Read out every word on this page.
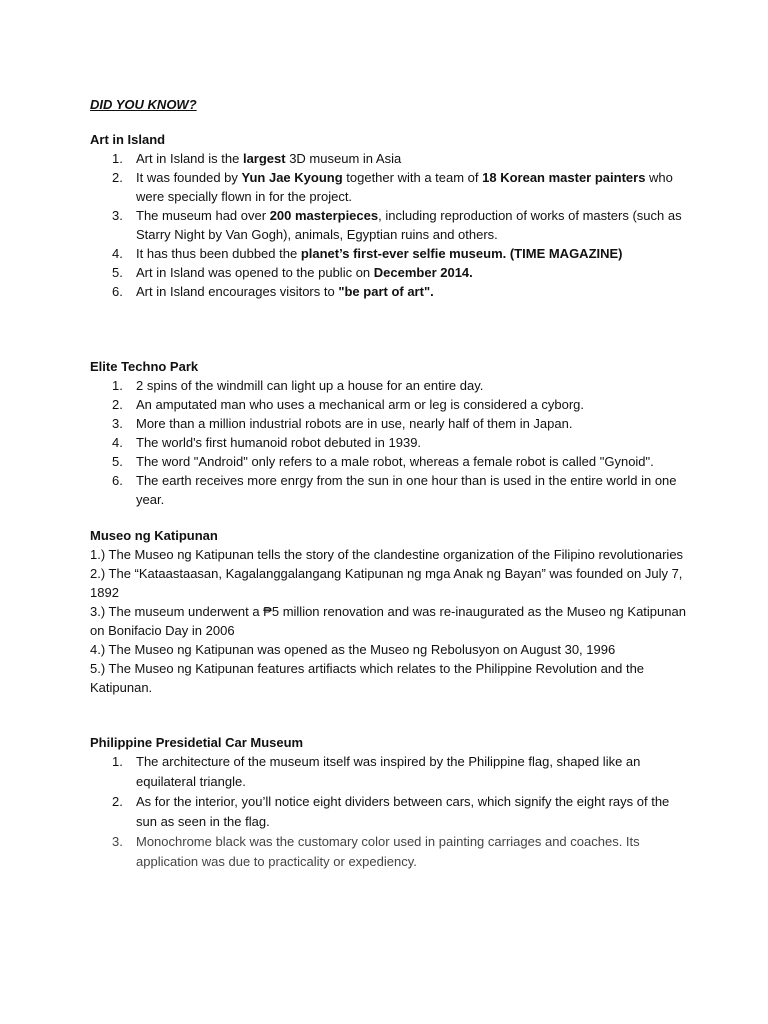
DID YOU KNOW?
Art in Island
1. Art in Island is the largest 3D museum in Asia
2. It was founded by Yun Jae Kyoung together with a team of 18 Korean master painters who were specially flown in for the project.
3. The museum had over 200 masterpieces, including reproduction of works of masters (such as Starry Night by Van Gogh), animals, Egyptian ruins and others.
4. It has thus been dubbed the planet’s first-ever selfie museum. (TIME MAGAZINE)
5. Art in Island was opened to the public on December 2014.
6. Art in Island encourages visitors to "be part of art".
Elite Techno Park
1. 2 spins of the windmill can light up a house for an entire day.
2. An amputated man who uses a mechanical arm or leg is considered a cyborg.
3. More than a million industrial robots are in use, nearly half of them in Japan.
4. The world's first humanoid robot debuted in 1939.
5. The word "Android" only refers to a male robot, whereas a female robot is called "Gynoid".
6. The earth receives more enrgy from the sun in one hour than is used in the entire world in one year.
Museo ng Katipunan

1.) The Museo ng Katipunan tells the story of the clandestine organization of the Filipino revolutionaries

2.) The “Kataastaasan, Kagalanggalangang Katipunan ng mga Anak ng Bayan” was founded on July 7, 1892

3.) The museum underwent a ₱5 million renovation and was re-inaugurated as the Museo ng Katipunan on Bonifacio Day in 2006

4.) The Museo ng Katipunan was opened as the Museo ng Rebolusyon on August 30, 1996

5.) The Museo ng Katipunan features artifiacts which relates to the Philippine Revolution and the Katipunan.

Philippine Presidetial Car Museum
1. The architecture of the museum itself was inspired by the Philippine flag, shaped like an equilateral triangle.
2. As for the interior, you’ll notice eight dividers between cars, which signify the eight rays of the sun as seen in the flag.
3. Monochrome black was the customary color used in painting carriages and coaches. Its application was due to practicality or expediency.
